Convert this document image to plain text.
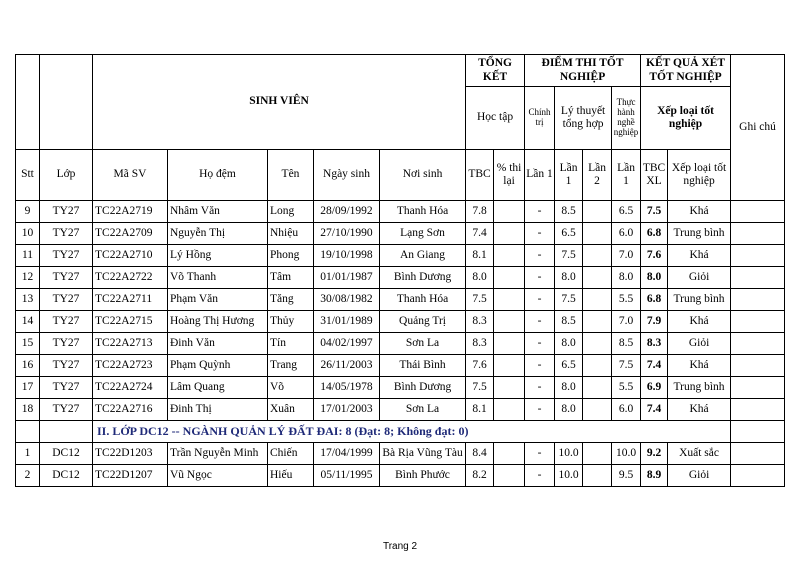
		SINH VIÊN					TỔNG KẾT		ĐIỂM THI TỐT NGHIỆP				KẾT QUẢ XÉT TỐT NGHIỆP		Ghi chú
							Học tập		Chính trị	Lý thuyết tổng hợp		Thực hành nghề nghiệp	Xếp loại tốt nghiệp		
Stt	Lớp	Mã SV	Họ đệm	Tên	Ngày sinh	Nơi sinh	TBC	% thi lại	Lần 1	Lần 1	Lần 2	Lần 1	TBC XL	Xếp loại tốt nghiệp	
9	TY27	TC22A2719	Nhâm Văn	Long	28/09/1992	Thanh Hóa	7.8		-	8.5		6.5	7.5	Khá	
10	TY27	TC22A2709	Nguyễn Thị	Nhiệu	27/10/1990	Lạng Sơn	7.4		-	6.5		6.0	6.8	Trung bình	
11	TY27	TC22A2710	Lý Hồng	Phong	19/10/1998	An Giang	8.1		-	7.5		7.0	7.6	Khá	
12	TY27	TC22A2722	Võ Thanh	Tâm	01/01/1987	Bình Dương	8.0		-	8.0		8.0	8.0	Giỏi	
13	TY27	TC22A2711	Phạm Văn	Tăng	30/08/1982	Thanh Hóa	7.5		-	7.5		5.5	6.8	Trung bình	
14	TY27	TC22A2715	Hoàng Thị Hương	Thủy	31/01/1989	Quảng Trị	8.3		-	8.5		7.0	7.9	Khá	
15	TY27	TC22A2713	Đinh Văn	Tín	04/02/1997	Sơn La	8.3		-	8.0		8.5	8.3	Giỏi	
16	TY27	TC22A2723	Phạm Quỳnh	Trang	26/11/2003	Thái Bình	7.6		-	6.5		7.5	7.4	Khá	
17	TY27	TC22A2724	Lâm Quang	Võ	14/05/1978	Bình Dương	7.5		-	8.0		5.5	6.9	Trung bình	
18	TY27	TC22A2716	Đinh Thị	Xuân	17/01/2003	Sơn La	8.1		-	8.0		6.0	7.4	Khá	
		II. LỚP DC12 -- NGÀNH QUẢN LÝ ĐẤT ĐAI: 8 (Đạt: 8; Không đạt: 0)													
1	DC12	TC22D1203	Trần Nguyễn Minh	Chiến	17/04/1999	Bà Rịa Vũng Tàu	8.4		-	10.0		10.0	9.2	Xuất sắc	
2	DC12	TC22D1207	Vũ Ngọc	Hiếu	05/11/1995	Bình Phước	8.2		-	10.0		9.5	8.9	Giỏi	
Trang 2
